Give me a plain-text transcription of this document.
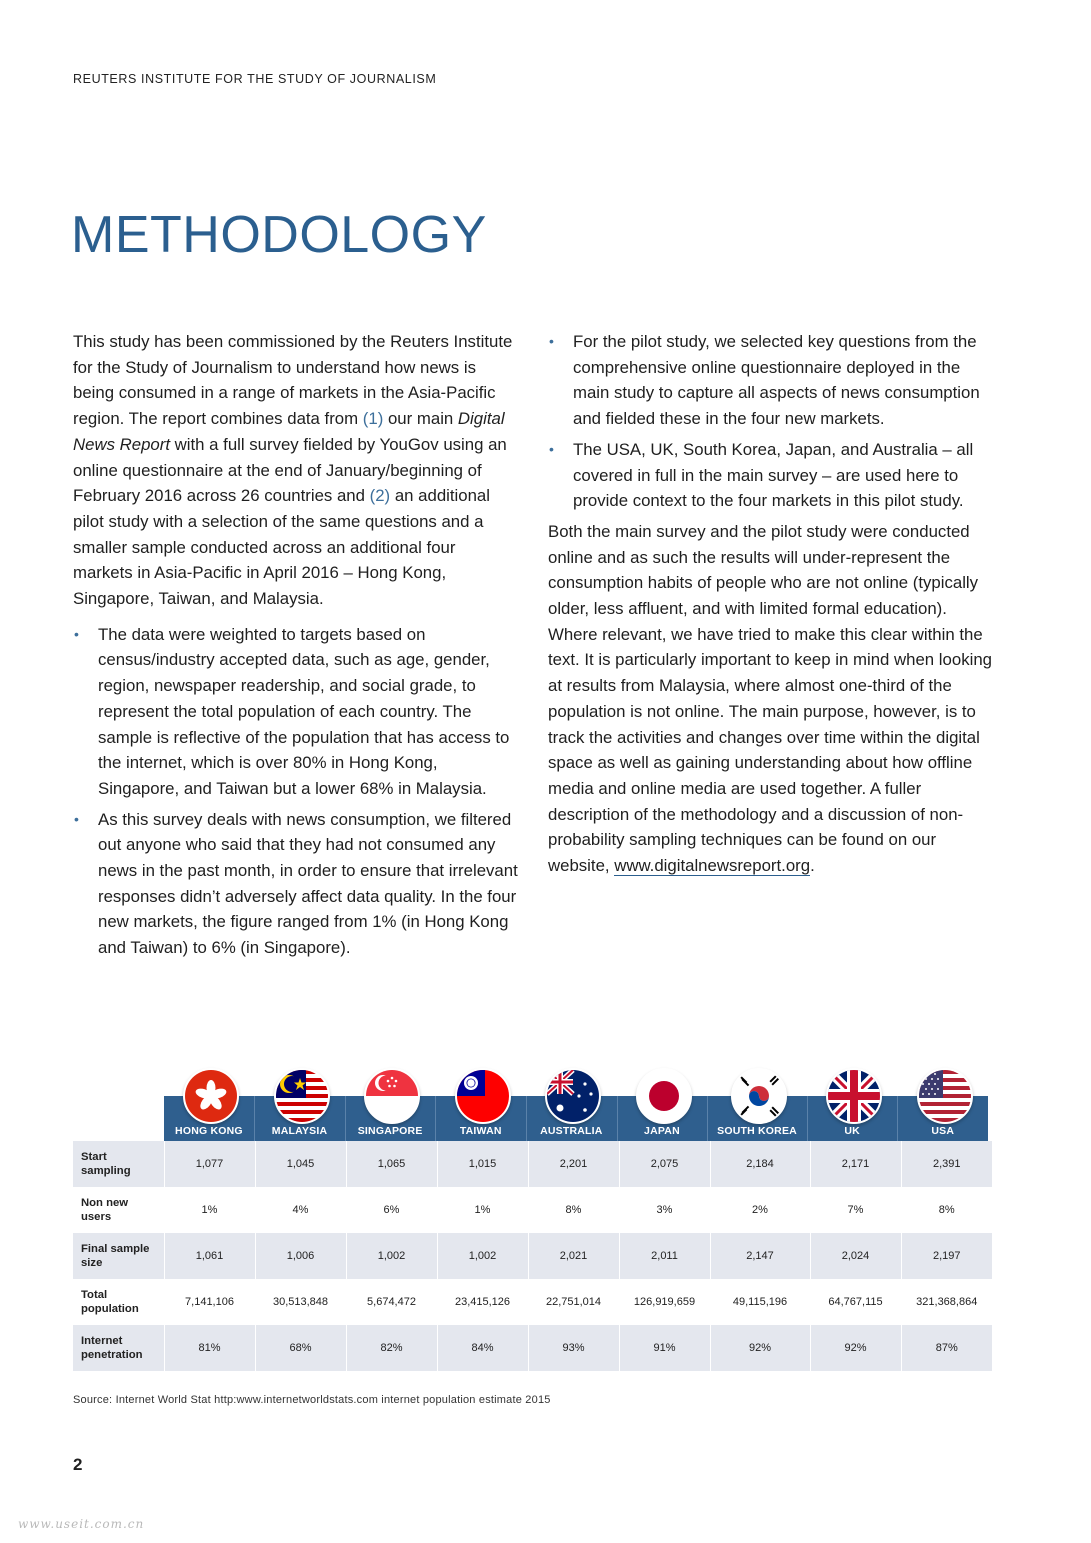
REUTERS INSTITUTE FOR THE STUDY OF JOURNALISM
METHODOLOGY

This study has been commissioned by the Reuters Institute for the Study of Journalism to understand how news is being consumed in a range of markets in the Asia-Pacific region. The report combines data from (1) our main Digital News Report with a full survey fielded by YouGov using an online questionnaire at the end of January/beginning of February 2016 across 26 countries and (2) an additional pilot study with a selection of the same questions and a smaller sample conducted across an additional four markets in Asia-Pacific in April 2016 – Hong Kong, Singapore, Taiwan, and Malaysia.

• The data were weighted to targets based on census/industry accepted data, such as age, gender, region, newspaper readership, and social grade, to represent the total population of each country. The sample is reflective of the population that has access to the internet, which is over 80% in Hong Kong, Singapore, and Taiwan but a lower 68% in Malaysia.
• As this survey deals with news consumption, we filtered out anyone who said that they had not consumed any news in the past month, in order to ensure that irrelevant responses didn’t adversely affect data quality. In the four new markets, the figure ranged from 1% (in Hong Kong and Taiwan) to 6% (in Singapore).
• For the pilot study, we selected key questions from the comprehensive online questionnaire deployed in the main study to capture all aspects of news consumption and fielded these in the four new markets.
• The USA, UK, South Korea, Japan, and Australia – all covered in full in the main survey – are used here to provide context to the four markets in this pilot study.

Both the main survey and the pilot study were conducted online and as such the results will under-represent the consumption habits of people who are not online (typically older, less affluent, and with limited formal education). Where relevant, we have tried to make this clear within the text. It is particularly important to keep in mind when looking at results from Malaysia, where almost one-third of the population is not online. The main purpose, however, is to track the activities and changes over time within the digital space as well as gaining understanding about how offline media and online media are used together. A fuller description of the methodology and a discussion of non-probability sampling techniques can be found on our website, www.digitalnewsreport.org.

HONG KONG	MALAYSIA	SINGAPORE	TAIWAN	AUSTRALIA	JAPAN	SOUTH KOREA	UK	USA
Start
sampling	1,077	1,045	1,065	1,015	2,201	2,075	2,184	2,171	2,391
Non new
users	1%	4%	6%	1%	8%	3%	2%	7%	8%
Final sample
size	1,061	1,006	1,002	1,002	2,021	2,011	2,147	2,024	2,197
Total
population	7,141,106	30,513,848	5,674,472	23,415,126	22,751,014	126,919,659	49,115,196	64,767,115	321,368,864
Internet
penetration	81%	68%	82%	84%	93%	91%	92%	92%	87%
Source: Internet World Stat http:www.internetworldstats.com internet population estimate 2015
2
www.useit.com.cn
